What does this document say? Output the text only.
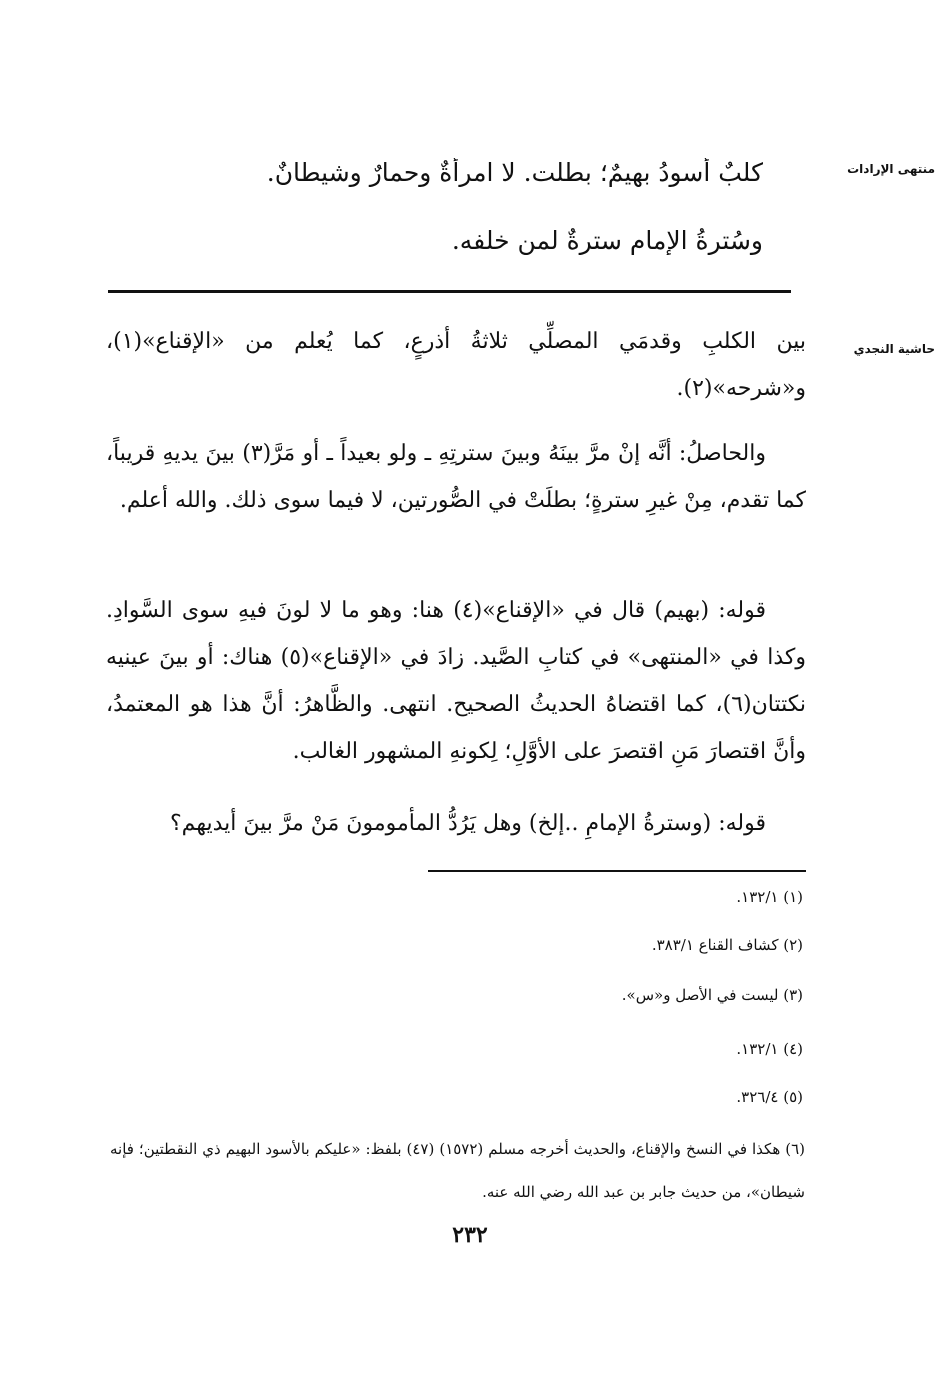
منتهى الإرادات
حاشية النجدي
كلبٌ أسودُ بهيمٌ؛ بطلت. لا امرأةٌ وحمارٌ وشيطانٌ.
وسُترةُ الإمامِ سترةٌ لمن خلفه.

بين الكلبِ وقدمَي المصلِّي ثلاثةُ أذرعٍ، كما يُعلم من «الإقناع»(١)، و«شرحه»(٢).

والحاصلُ: أنَّه إنْ مرَّ بينَهُ وبينَ سترتِهِ ـ ولو بعيداً ـ أو مَرَّ(٣) بينَ يديهِ قريباً، كما تقدم، مِنْ غيرِ سترةٍ؛ بطلَتْ في الصُّورتين، لا فيما سوى ذلك. والله أعلم.

قوله: (بهيم) قال في «الإقناع»(٤) هنا: وهو ما لا لونَ فيهِ سوى السَّوادِ. وكذا في «المنتهى» في كتابِ الصَّيد. زادَ في «الإقناع»(٥) هناك: أو بينَ عينيه نكتتان(٦)، كما اقتضاهُ الحديثُ الصحيح. انتهى. والظَّاهرُ: أنَّ هذا هو المعتمدُ، وأنَّ اقتصارَ مَنِ اقتصرَ على الأوَّلِ؛ لِكونهِ المشهور الغالب.

قوله: (وسترةُ الإمامِ ..إلخ) وهل يَرُدُّ المأمومونَ مَنْ مرَّ بينَ أيديهم؟

(١) ١٣٢/١.
(٢) كشاف القناع ٣٨٣/١.
(٣) ليست في الأصل و«س».
(٤) ١٣٢/١.
(٥) ٣٢٦/٤.
(٦) هكذا في النسخ والإقناع، والحديث أخرجه مسلم (١٥٧٢) (٤٧) بلفظ: «عليكم بالأسود البهيم ذي النقطتين؛ فإنه شيطان»، من حديث جابر بن عبد الله رضي الله عنه.
٢٣٢
